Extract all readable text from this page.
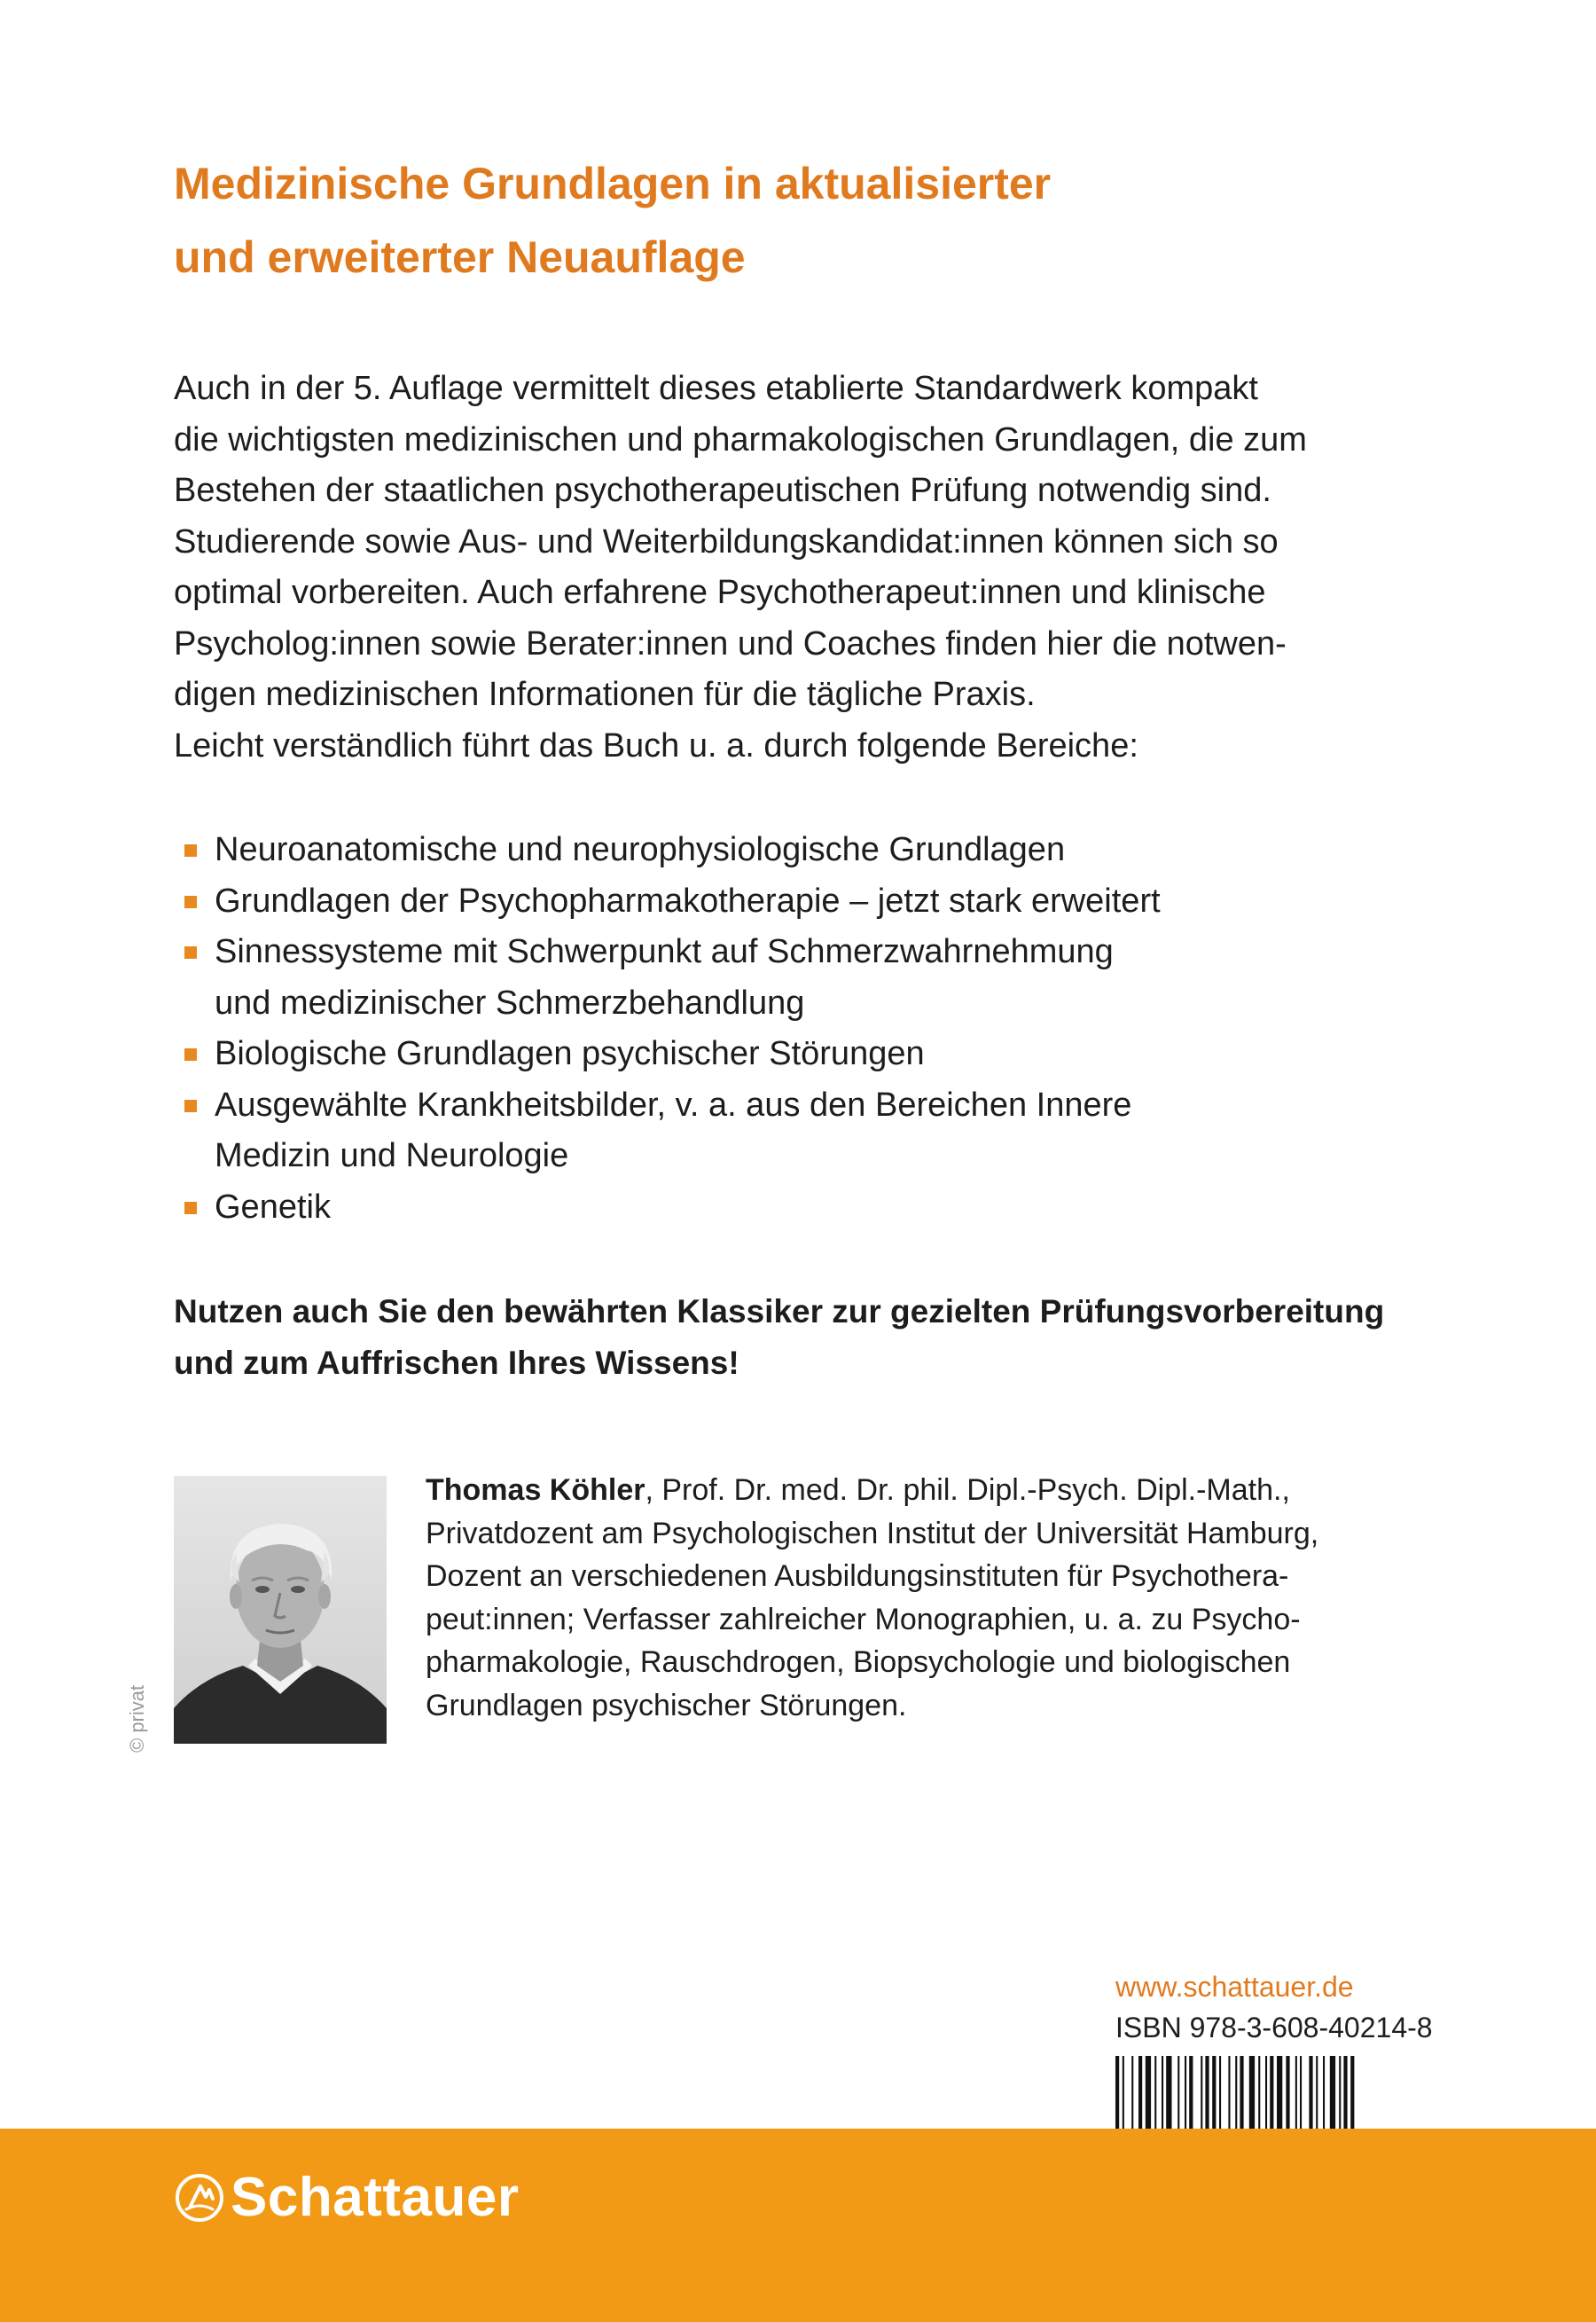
Medizinische Grundlagen in aktualisierter
und erweiterter Neuauflage
Auch in der 5. Auflage vermittelt dieses etablierte Standardwerk kompakt
die wichtigsten medizinischen und pharmakologischen Grundlagen, die zum
Bestehen der staatlichen psychotherapeutischen Prüfung notwendig sind.
Studierende sowie Aus- und Weiterbildungskandidat:innen können sich so
optimal vorbereiten. Auch erfahrene Psychotherapeut:innen und klinische
Psycholog:innen sowie Berater:innen und Coaches finden hier die notwen-
digen medizinischen Informationen für die tägliche Praxis.
Leicht verständlich führt das Buch u. a. durch folgende Bereiche:
Neuroanatomische und neurophysiologische Grundlagen
Grundlagen der Psychopharmakotherapie – jetzt stark erweitert
Sinnessysteme mit Schwerpunkt auf Schmerzwahrnehmung
und medizinischer Schmerzbehandlung
Biologische Grundlagen psychischer Störungen
Ausgewählte Krankheitsbilder, v. a. aus den Bereichen Innere
Medizin und Neurologie
Genetik
Nutzen auch Sie den bewährten Klassiker zur gezielten Prüfungsvorbereitung
und zum Auffrischen Ihres Wissens!
© privat
Thomas Köhler, Prof. Dr. med. Dr. phil. Dipl.-Psych. Dipl.-Math.,
Privatdozent am Psychologischen Institut der Universität Hamburg,
Dozent an verschiedenen Ausbildungsinstituten für Psychothera-
peut:innen; Verfasser zahlreicher Monographien, u. a. zu Psycho-
pharmakologie, Rauschdrogen, Biopsychologie und biologischen
Grundlagen psychischer Störungen.
www.schattauer.de
ISBN 978-3-608-40214-8
Schattauer
